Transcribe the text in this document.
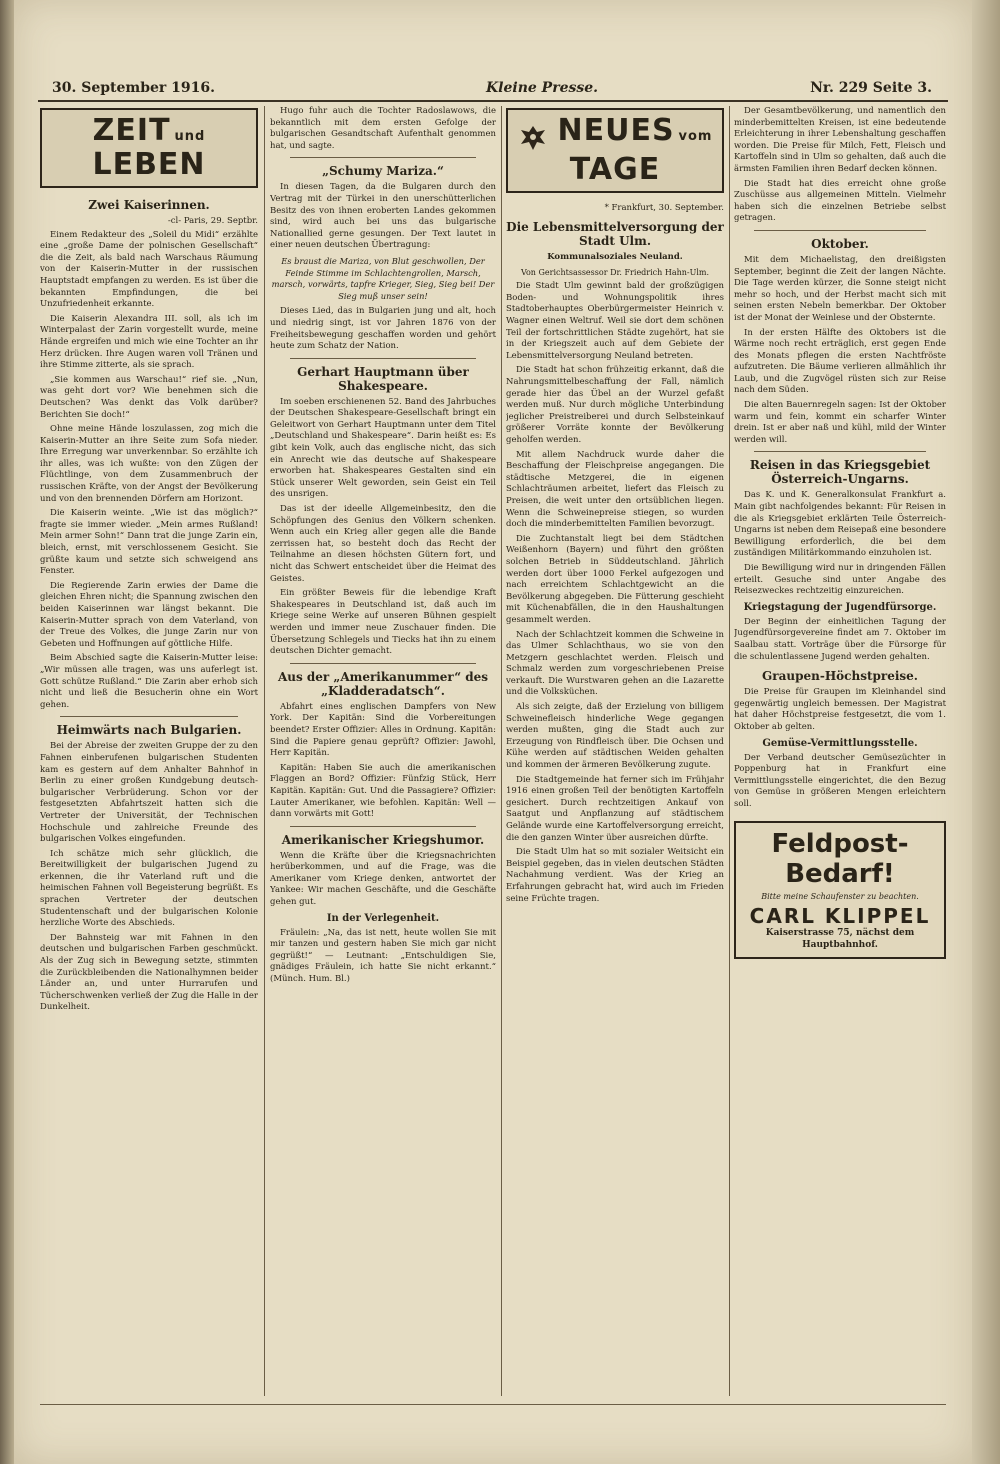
30. September 1916.	Kleine Presse.	Nr. 229 Seite 3.
ZEIT und LEBEN
Zwei Kaiserinnen.
-cl- Paris, 29. Septbr.

Einem Redakteur des „Soleil du Midi“ erzählte eine „große Dame der polnischen Gesellschaft“ die die Zeit, als bald nach Warschaus Räumung von der Kaiserin-Mutter in der russischen Hauptstadt empfangen zu werden. Es ist über die bekannten Empfindungen, die bei Unzufriedenheit erkannte.

Die Kaiserin Alexandra III. soll, als ich im Winterpalast der Zarin vorgestellt wurde, meine Hände ergreifen und mich wie eine Tochter an ihr Herz drücken. Ihre Augen waren voll Tränen und ihre Stimme zitterte, als sie sprach.

„Sie kommen aus Warschau!“ rief sie. „Nun, was geht dort vor? Wie benehmen sich die Deutschen? Was denkt das Volk darüber? Berichten Sie doch!“

Ohne meine Hände loszulassen, zog mich die Kaiserin-Mutter an ihre Seite zum Sofa nieder. Ihre Erregung war unverkennbar. So erzählte ich ihr alles, was ich wußte: von den Zügen der Flüchtlinge, von dem Zusammenbruch der russischen Kräfte, von der Angst der Bevölkerung und von den brennenden Dörfern am Horizont.

Die Kaiserin weinte. „Wie ist das möglich?“ fragte sie immer wieder. „Mein armes Rußland! Mein armer Sohn!“ Dann trat die junge Zarin ein, bleich, ernst, mit verschlossenem Gesicht. Sie grüßte kaum und setzte sich schweigend ans Fenster.

Die Regierende Zarin erwies der Dame die gleichen Ehren nicht; die Spannung zwischen den beiden Kaiserinnen war längst bekannt. Die Kaiserin-Mutter sprach von dem Vaterland, von der Treue des Volkes, die junge Zarin nur von Gebeten und Hoffnungen auf göttliche Hilfe.

Beim Abschied sagte die Kaiserin-Mutter leise: „Wir müssen alle tragen, was uns auferlegt ist. Gott schütze Rußland.“ Die Zarin aber erhob sich nicht und ließ die Besucherin ohne ein Wort gehen.

Heimwärts nach Bulgarien.

Bei der Abreise der zweiten Gruppe der zu den Fahnen einberufenen bulgarischen Studenten kam es gestern auf dem Anhalter Bahnhof in Berlin zu einer großen Kundgebung deutsch-bulgarischer Verbrüderung. Schon vor der festgesetzten Abfahrtszeit hatten sich die Vertreter der Universität, der Technischen Hochschule und zahlreiche Freunde des bulgarischen Volkes eingefunden.

Ich schätze mich sehr glücklich, die Bereitwilligkeit der bulgarischen Jugend zu erkennen, die ihr Vaterland ruft und die heimischen Fahnen voll Begeisterung begrüßt. Es sprachen Vertreter der deutschen Studentenschaft und der bulgarischen Kolonie herzliche Worte des Abschieds.

Der Bahnsteig war mit Fahnen in den deutschen und bulgarischen Farben geschmückt. Als der Zug sich in Bewegung setzte, stimmten die Zurückbleibenden die Nationalhymnen beider Länder an, und unter Hurrarufen und Tücherschwenken verließ der Zug die Halle in der Dunkelheit.

Hugo fuhr auch die Tochter Radoslawows, die bekanntlich mit dem ersten Gefolge der bulgarischen Gesandtschaft Aufenthalt genommen hat, und sagte.

„Schumy Mariza.“

In diesen Tagen, da die Bulgaren durch den Vertrag mit der Türkei in den unerschütterlichen Besitz des von ihnen eroberten Landes gekommen sind, wird auch bei uns das bulgarische Nationallied gerne gesungen. Der Text lautet in einer neuen deutschen Übertragung:

Es braust die Mariza, von Blut geschwollen, Der Feinde Stimme im Schlachtengrollen, Marsch, marsch, vorwärts, tapfre Krieger, Sieg, Sieg bei! Der Sieg muß unser sein!

Dieses Lied, das in Bulgarien jung und alt, hoch und niedrig singt, ist vor Jahren 1876 von der Freiheitsbewegung geschaffen worden und gehört heute zum Schatz der Nation.

Gerhart Hauptmann über Shakespeare.

Im soeben erschienenen 52. Band des Jahrbuches der Deutschen Shakespeare-Gesellschaft bringt ein Geleitwort von Gerhart Hauptmann unter dem Titel „Deutschland und Shakespeare“. Darin heißt es: Es gibt kein Volk, auch das englische nicht, das sich ein Anrecht wie das deutsche auf Shakespeare erworben hat. Shakespeares Gestalten sind ein Stück unserer Welt geworden, sein Geist ein Teil des unsrigen.

Das ist der ideelle Allgemeinbesitz, den die Schöpfungen des Genius den Völkern schenken. Wenn auch ein Krieg aller gegen alle die Bande zerrissen hat, so besteht doch das Recht der Teilnahme an diesen höchsten Gütern fort, und nicht das Schwert entscheidet über die Heimat des Geistes.

Ein größter Beweis für die lebendige Kraft Shakespeares in Deutschland ist, daß auch im Kriege seine Werke auf unseren Bühnen gespielt werden und immer neue Zuschauer finden. Die Übersetzung Schlegels und Tiecks hat ihn zu einem deutschen Dichter gemacht.

Aus der „Amerikanummer“ des „Kladderadatsch“.

Abfahrt eines englischen Dampfers von New York. Der Kapitän: Sind die Vorbereitungen beendet? Erster Offizier: Alles in Ordnung. Kapitän: Sind die Papiere genau geprüft? Offizier: Jawohl, Herr Kapitän.

Kapitän: Haben Sie auch die amerikanischen Flaggen an Bord? Offizier: Fünfzig Stück, Herr Kapitän. Kapitän: Gut. Und die Passagiere? Offizier: Lauter Amerikaner, wie befohlen. Kapitän: Well — dann vorwärts mit Gott!

Amerikanischer Kriegshumor.

Wenn die Kräfte über die Kriegsnachrichten herüberkommen, und auf die Frage, was die Amerikaner vom Kriege denken, antwortet der Yankee: Wir machen Geschäfte, und die Geschäfte gehen gut.

In der Verlegenheit.

Fräulein: „Na, das ist nett, heute wollen Sie mit mir tanzen und gestern haben Sie mich gar nicht gegrüßt!“ — Leutnant: „Entschuldigen Sie, gnädiges Fräulein, ich hatte Sie nicht erkannt.“ (Münch. Hum. Bl.)

NEUES vom TAGE
* Frankfurt, 30. September.
Die Lebensmittelversorgung der Stadt Ulm.
Kommunalsoziales Neuland.
Von Gerichtsassessor Dr. Friedrich Hahn-Ulm.

Die Stadt Ulm gewinnt bald der großzügigen Boden- und Wohnungspolitik ihres Stadtoberhauptes Oberbürgermeister Heinrich v. Wagner einen Weltruf. Weil sie dort dem schönen Teil der fortschrittlichen Städte zugehört, hat sie in der Kriegszeit auch auf dem Gebiete der Lebensmittelversorgung Neuland betreten.

Die Stadt hat schon frühzeitig erkannt, daß die Nahrungsmittelbeschaffung der Fall, nämlich gerade hier das Übel an der Wurzel gefaßt werden muß. Nur durch mögliche Unterbindung jeglicher Preistreiberei und durch Selbsteinkauf größerer Vorräte konnte der Bevölkerung geholfen werden.

Mit allem Nachdruck wurde daher die Beschaffung der Fleischpreise angegangen. Die städtische Metzgerei, die in eigenen Schlachträumen arbeitet, liefert das Fleisch zu Preisen, die weit unter den ortsüblichen liegen. Wenn die Schweinepreise stiegen, so wurden doch die minderbemittelten Familien bevorzugt.

Die Zuchtanstalt liegt bei dem Städtchen Weißenhorn (Bayern) und führt den größten solchen Betrieb in Süddeutschland. Jährlich werden dort über 1000 Ferkel aufgezogen und nach erreichtem Schlachtgewicht an die Bevölkerung abgegeben. Die Fütterung geschieht mit Küchenabfällen, die in den Haushaltungen gesammelt werden.

Nach der Schlachtzeit kommen die Schweine in das Ulmer Schlachthaus, wo sie von den Metzgern geschlachtet werden. Fleisch und Schmalz werden zum vorgeschriebenen Preise verkauft. Die Wurstwaren gehen an die Lazarette und die Volksküchen.

Als sich zeigte, daß der Erzielung von billigem Schweinefleisch hinderliche Wege gegangen werden mußten, ging die Stadt auch zur Erzeugung von Rindfleisch über. Die Ochsen und Kühe werden auf städtischen Weiden gehalten und kommen der ärmeren Bevölkerung zugute.

Die Stadtgemeinde hat ferner sich im Frühjahr 1916 einen großen Teil der benötigten Kartoffeln gesichert. Durch rechtzeitigen Ankauf von Saatgut und Anpflanzung auf städtischem Gelände wurde eine Kartoffelversorgung erreicht, die den ganzen Winter über ausreichen dürfte.

Die Stadt Ulm hat so mit sozialer Weitsicht ein Beispiel gegeben, das in vielen deutschen Städten Nachahmung verdient. Was der Krieg an Erfahrungen gebracht hat, wird auch im Frieden seine Früchte tragen.

Der Gesamtbevölkerung, und namentlich den minderbemittelten Kreisen, ist eine bedeutende Erleichterung in ihrer Lebenshaltung geschaffen worden. Die Preise für Milch, Fett, Fleisch und Kartoffeln sind in Ulm so gehalten, daß auch die ärmsten Familien ihren Bedarf decken können.

Die Stadt hat dies erreicht ohne große Zuschüsse aus allgemeinen Mitteln. Vielmehr haben sich die einzelnen Betriebe selbst getragen.

Oktober.

Mit dem Michaelistag, den dreißigsten September, beginnt die Zeit der langen Nächte. Die Tage werden kürzer, die Sonne steigt nicht mehr so hoch, und der Herbst macht sich mit seinen ersten Nebeln bemerkbar. Der Oktober ist der Monat der Weinlese und der Obsternte.

In der ersten Hälfte des Oktobers ist die Wärme noch recht erträglich, erst gegen Ende des Monats pflegen die ersten Nachtfröste aufzutreten. Die Bäume verlieren allmählich ihr Laub, und die Zugvögel rüsten sich zur Reise nach dem Süden.

Die alten Bauernregeln sagen: Ist der Oktober warm und fein, kommt ein scharfer Winter drein. Ist er aber naß und kühl, mild der Winter werden will.

Reisen in das Kriegsgebiet Österreich-Ungarns.

Das K. und K. Generalkonsulat Frankfurt a. Main gibt nachfolgendes bekannt: Für Reisen in die als Kriegsgebiet erklärten Teile Österreich-Ungarns ist neben dem Reisepaß eine besondere Bewilligung erforderlich, die bei dem zuständigen Militärkommando einzuholen ist.

Die Bewilligung wird nur in dringenden Fällen erteilt. Gesuche sind unter Angabe des Reisezweckes rechtzeitig einzureichen.

Kriegstagung der Jugendfürsorge.

Der Beginn der einheitlichen Tagung der Jugendfürsorgevereine findet am 7. Oktober im Saalbau statt. Vorträge über die Fürsorge für die schulentlassene Jugend werden gehalten.

Graupen-Höchstpreise.

Die Preise für Graupen im Kleinhandel sind gegenwärtig ungleich bemessen. Der Magistrat hat daher Höchstpreise festgesetzt, die vom 1. Oktober ab gelten.

Gemüse-Vermittlungsstelle.

Der Verband deutscher Gemüsezüchter in Poppenburg hat in Frankfurt eine Vermittlungsstelle eingerichtet, die den Bezug von Gemüse in größeren Mengen erleichtern soll.

Feldpost-Bedarf!
Bitte meine Schaufenster zu beachten.
CARL KLIPPEL
Kaiserstrasse 75, nächst dem Hauptbahnhof.
